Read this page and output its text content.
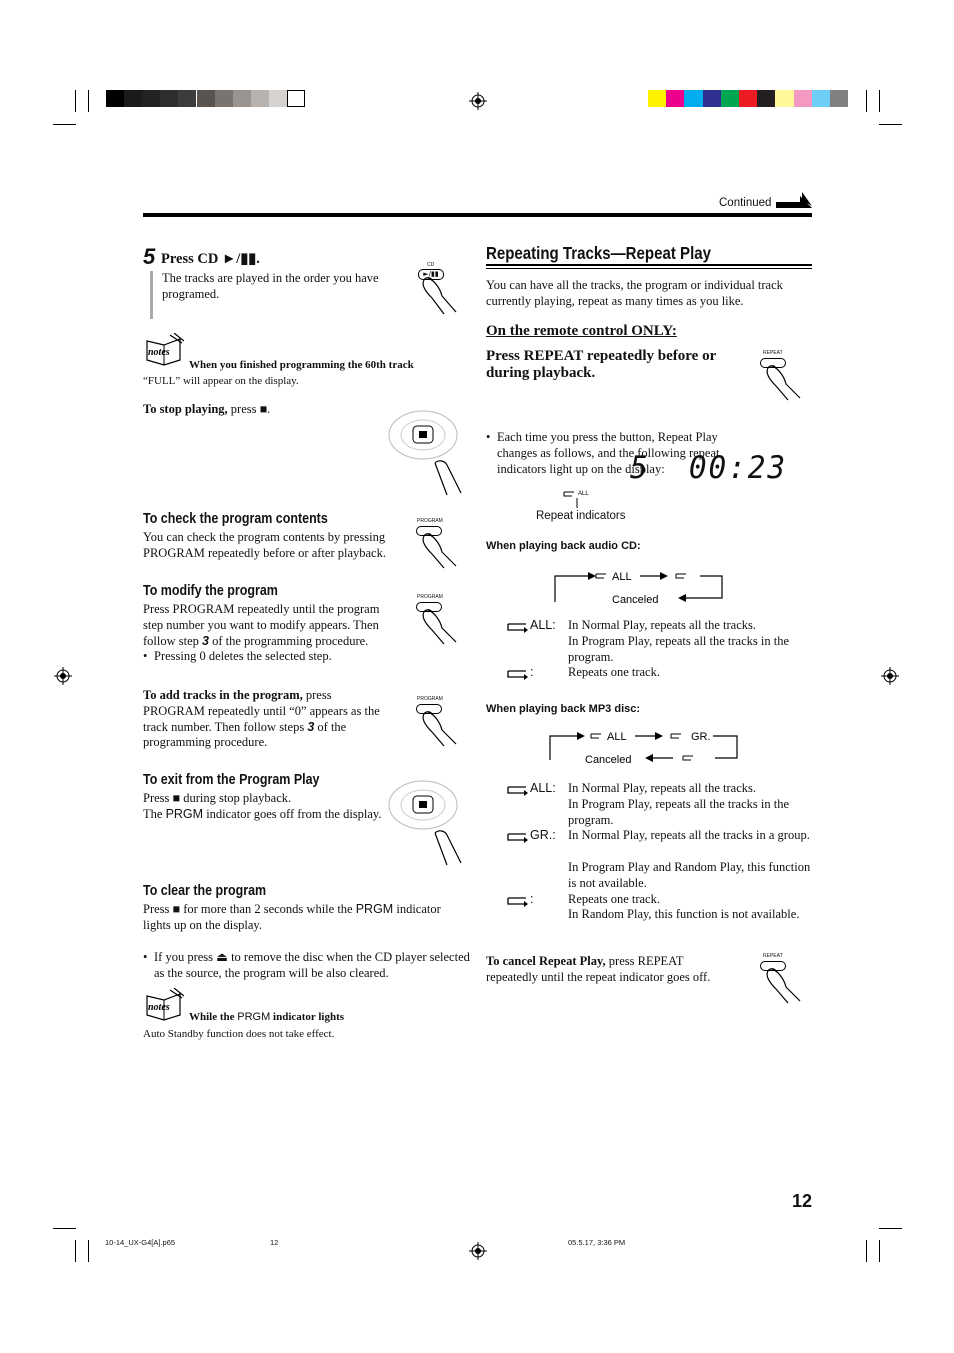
Continued
5 Press CD ►/▮▮.

The tracks are played in the order you have programed.

CD
►/▮▮
notes
When you finished programming the 60th track
“FULL” will appear on the display.

To stop playing, press ■.

To check the program contents

You can check the program contents by pressing PROGRAM repeatedly before or after playback.

PROGRAM
To modify the program

Press PROGRAM repeatedly until the program step number you want to modify appears. Then follow step 3 of the programming procedure.

• Pressing 0 deletes the selected step.

PROGRAM

To add tracks in the program, press PROGRAM repeatedly until “0” appears as the track number. Then follow steps 3 of the programming procedure.

PROGRAM
To exit from the Program Play

Press ■ during stop playback.

The PRGM indicator goes off from the display.

To clear the program

Press ■ for more than 2 seconds while the PRGM indicator lights up on the display.

• If you press ⏏ to remove the disc when the CD player selected as the source, the program will be also cleared.

notes
While the PRGM indicator lights
Auto Standby function does not take effect.
Repeating Tracks—Repeat Play

You can have all the tracks, the program or individual track currently playing, repeat as many times as you like.

On the remote control ONLY:

Press REPEAT repeatedly before or during playback.

• Each time you press the button, Repeat Play changes as follows, and the following repeat indicators light up on the display:

REPEAT
5  00:23
ALL
Repeat indicators
When playing back audio CD:
ALL
Canceled
ALL: In Normal Play, repeats all the tracks.

In Program Play, repeats all the tracks in the program.

:	Repeats one track.

When playing back MP3 disc:
ALL	GR.
Canceled
ALL: In Normal Play, repeats all the tracks.

In Program Play, repeats all the tracks in the program.

GR.: In Normal Play, repeats all the tracks in a group.

In Program Play and Random Play, this function is not available.

:	Repeats one track.

In Random Play, this function is not available.

To cancel Repeat Play, press REPEAT repeatedly until the repeat indicator goes off.

REPEAT
12
10-14_UX-G4[A].p65	12	05.5.17, 3:36 PM
